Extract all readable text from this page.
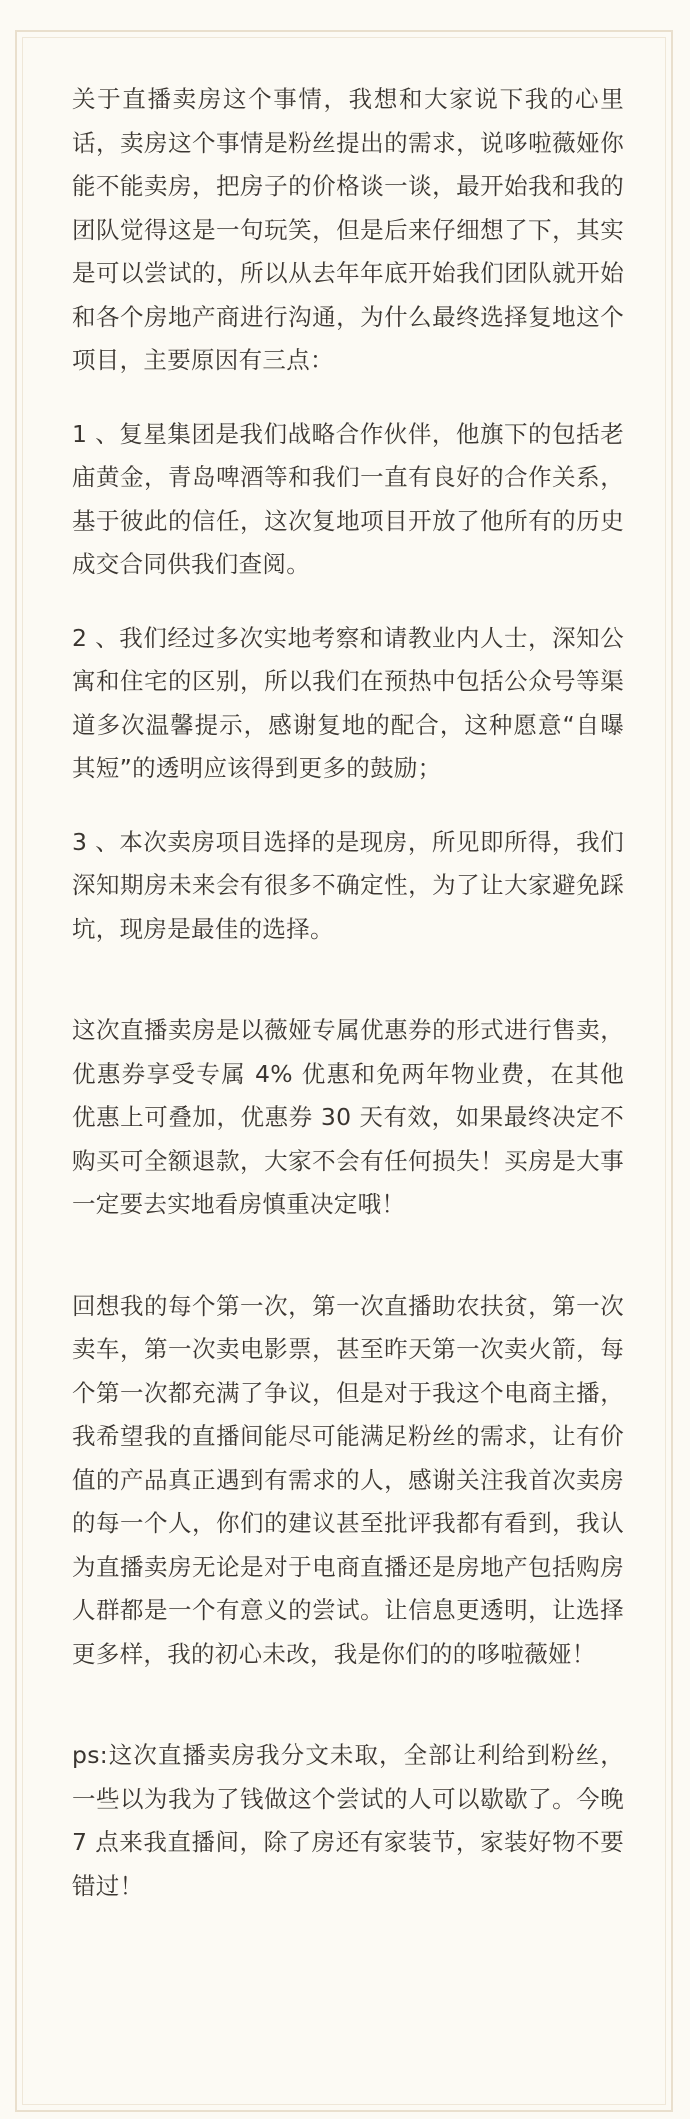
关于直播卖房这个事情，我想和大家说下我的心里话，卖房这个事情是粉丝提出的需求，说哆啦薇娅你能不能卖房，把房子的价格谈一谈，最开始我和我的团队觉得这是一句玩笑，但是后来仔细想了下，其实是可以尝试的，所以从去年年底开始我们团队就开始和各个房地产商进行沟通，为什么最终选择复地这个项目，主要原因有三点：

1 、复星集团是我们战略合作伙伴，他旗下的包括老庙黄金，青岛啤酒等和我们一直有良好的合作关系，基于彼此的信任，这次复地项目开放了他所有的历史成交合同供我们查阅。

2 、我们经过多次实地考察和请教业内人士，深知公寓和住宅的区别，所以我们在预热中包括公众号等渠道多次温馨提示，感谢复地的配合，这种愿意“自曝其短”的透明应该得到更多的鼓励；

3 、本次卖房项目选择的是现房，所见即所得，我们深知期房未来会有很多不确定性，为了让大家避免踩坑，现房是最佳的选择。

这次直播卖房是以薇娅专属优惠券的形式进行售卖，优惠券享受专属 4% 优惠和免两年物业费，在其他优惠上可叠加，优惠券 30 天有效，如果最终决定不购买可全额退款，大家不会有任何损失！买房是大事一定要去实地看房慎重决定哦！

回想我的每个第一次，第一次直播助农扶贫，第一次卖车，第一次卖电影票，甚至昨天第一次卖火箭，每个第一次都充满了争议，但是对于我这个电商主播，我希望我的直播间能尽可能满足粉丝的需求，让有价值的产品真正遇到有需求的人，感谢关注我首次卖房的每一个人，你们的建议甚至批评我都有看到，我认为直播卖房无论是对于电商直播还是房地产包括购房人群都是一个有意义的尝试。让信息更透明，让选择更多样，我的初心未改，我是你们的的哆啦薇娅！

ps:这次直播卖房我分文未取，全部让利给到粉丝，一些以为我为了钱做这个尝试的人可以歇歇了。今晚 7 点来我直播间，除了房还有家装节，家装好物不要错过！
